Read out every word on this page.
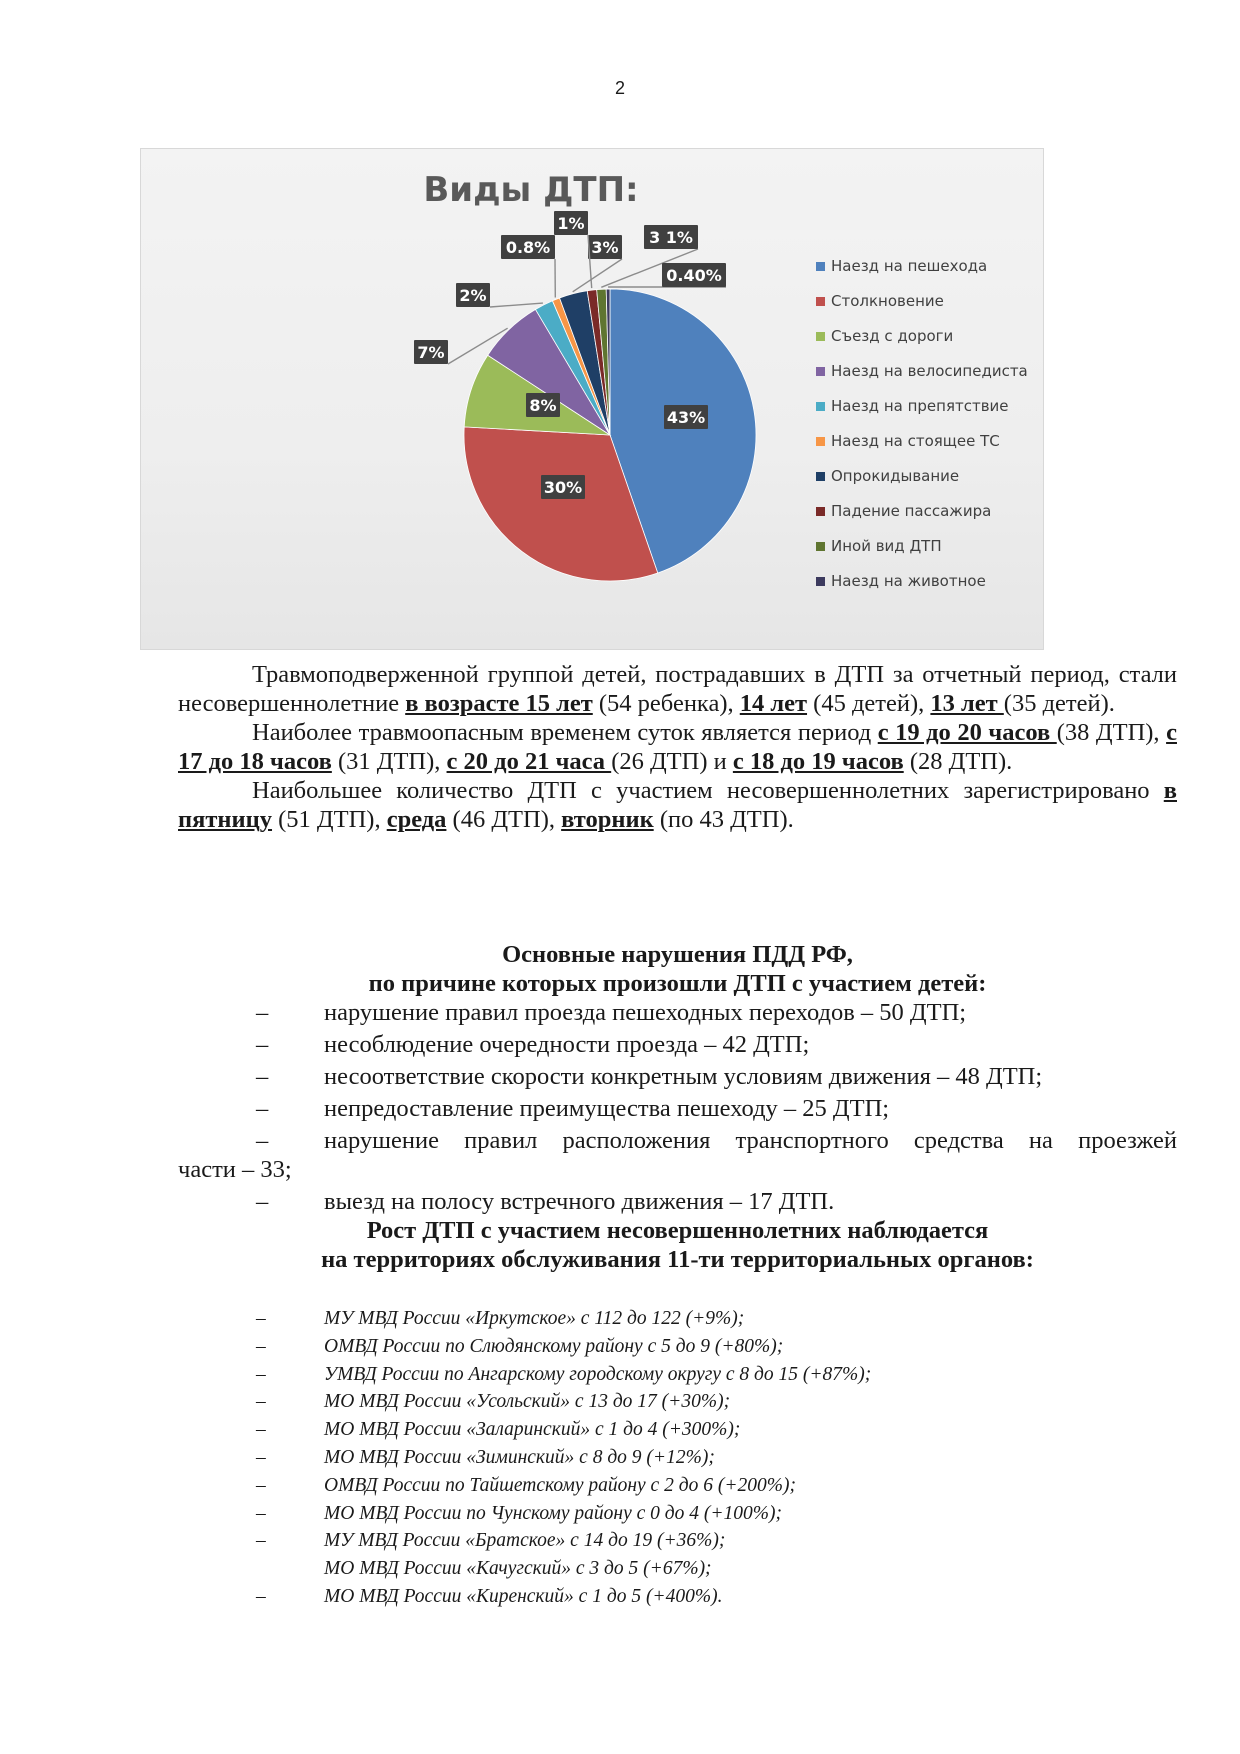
2
Виды ДТП:
43%
30%
8%
7%
2%
0.8%	3%
1%
3 1%
0.40%	Наезд на пешехода
Столкновение
Съезд с дороги
Наезд на велосипедиста
Наезд на препятствие
Наезд на стоящее ТС
Опрокидывание
Падение пассажира
Иной вид ДТП
Наезд на животное

Травмоподверженной группой детей, пострадавших в ДТП за отчетный период, стали несовершеннолетние в возрасте 15 лет (54 ребенка), 14 лет (45 детей), 13 лет (35 детей).

Наиболее травмоопасным временем суток является период с 19 до 20 часов (38 ДТП), с 17 до 18 часов (31 ДТП), с 20 до 21 часа (26 ДТП) и с 18 до 19 часов (28 ДТП).

Наибольшее количество ДТП с участием несовершеннолетних зарегистрировано в пятницу (51 ДТП), среда (46 ДТП), вторник (по 43 ДТП).

Основные нарушения ПДД РФ,

по причине которых произошли ДТП с участием детей:

– нарушение правил проезда пешеходных переходов – 50 ДТП;

– несоблюдение очередности проезда – 42 ДТП;

– несоответствие скорости конкретным условиям движения – 48 ДТП;

– непредоставление преимущества пешеходу – 25 ДТП;

– нарушение правил расположения транспортного средства на проезжей

части – 33;

– выезд на полосу встречного движения – 17 ДТП.

Рост ДТП с участием несовершеннолетних наблюдается

на территориях обслуживания 11-ти территориальных органов:

–	МУ МВД России «Иркутское» с 112 до 122 (+9%);

–	ОМВД России по Слюдянскому району с 5 до 9 (+80%);

–	УМВД России по Ангарскому городскому округу с 8 до 15 (+87%);

–	МО МВД России «Усольский» с 13 до 17 (+30%);

–	МО МВД России «Заларинский» с 1 до 4 (+300%);

–	МО МВД России «Зиминский» с 8 до 9 (+12%);

–	ОМВД России по Тайшетскому району с 2 до 6 (+200%);

–	МО МВД России по Чунскому району с 0 до 4 (+100%);

–	МУ МВД России «Братское» с 14 до 19 (+36%);

МО МВД России «Качугский» с 3 до 5 (+67%);

–	МО МВД России «Киренский» с 1 до 5 (+400%).
